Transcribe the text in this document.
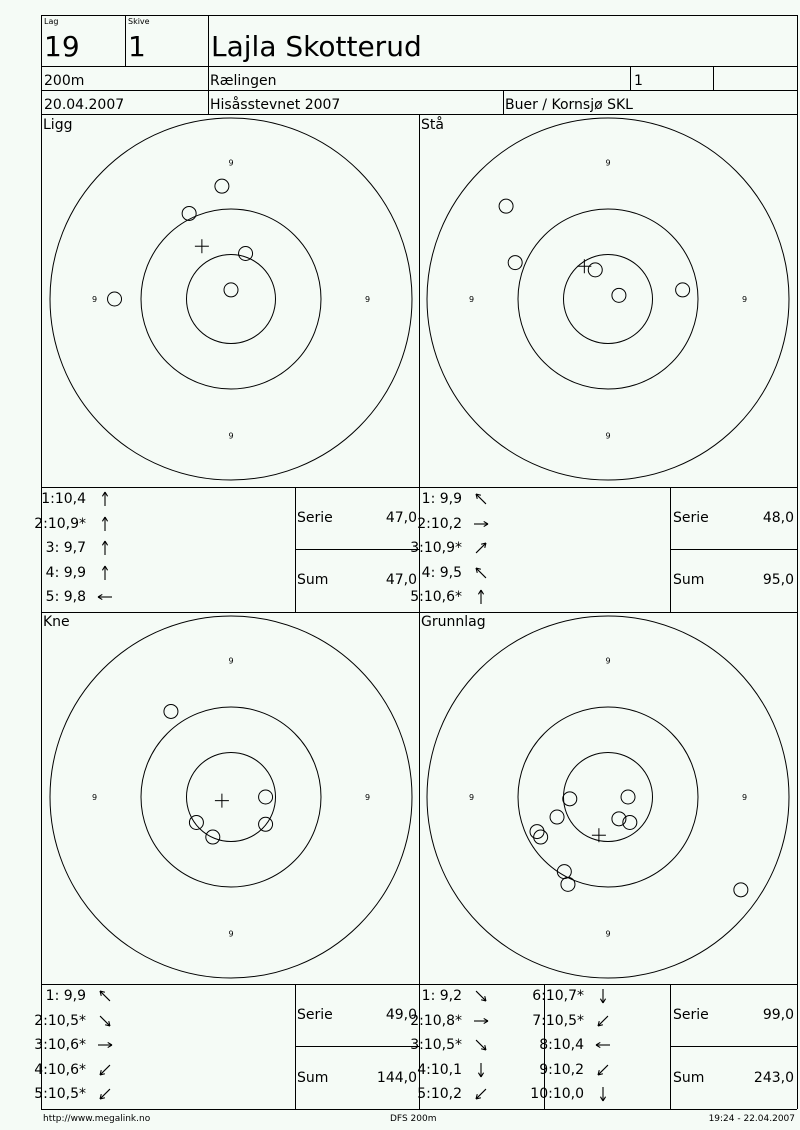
Lag
19
Skive
1 Lajla Skotterud
200m	Rælingen	1
20.04.2007	Hisåsstevnet 2007	Buer / Kornsjø SKL
Ligg	Stå
Kne	Grunnlag
9
9
9
9
9
9
9
9
9
9
9
9
9
9
9
9
Serie	47,0
Sum	47,0
Serie	48,0
Sum	95,0
Serie	49,0
Sum	144,0
Serie	99,0
Sum	243,0
1:10,4
2:10,9*
3: 9,7
4: 9,9
5: 9,8
1: 9,9
2:10,2
3:10,9*
4: 9,5
5:10,6*
1: 9,9
2:10,5*
3:10,6*
4:10,6*
5:10,5*
1: 9,2
2:10,8*
3:10,5*
4:10,1
5:10,2
6:10,7*
7:10,5*
8:10,4
9:10,2
10:10,0
http://www.megalink.no	DFS 200m	19:24 - 22.04.2007
